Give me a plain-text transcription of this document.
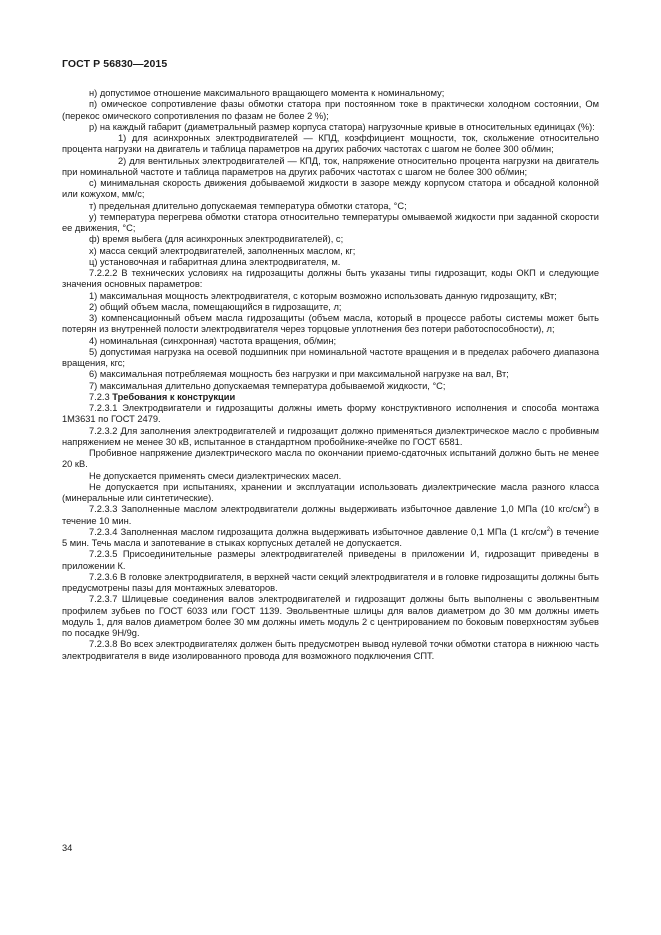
ГОСТ Р 56830—2015

н) допустимое отношение максимального вращающего момента к номинальному;

п) омическое сопротивление фазы обмотки статора при постоянном токе в практически холодном состоянии, Ом (перекос омического сопротивления по фазам не более 2 %);

р) на каждый габарит (диаметральный размер корпуса статора) нагрузочные кривые в относительных единицах (%):

1) для асинхронных электродвигателей — КПД, коэффициент мощности, ток, скольжение относительно процента нагрузки на двигатель и таблица параметров на других рабочих частотах с шагом не более 300 об/мин;

2) для вентильных электродвигателей — КПД, ток, напряжение относительно процента нагрузки на двигатель при номинальной частоте и таблица параметров на других рабочих частотах с шагом не более 300 об/мин;

с) минимальная скорость движения добываемой жидкости в зазоре между корпусом статора и обсадной колонной или кожухом, мм/с;

т) предельная длительно допускаемая температура обмотки статора, °С;

у) температура перегрева обмотки статора относительно температуры омываемой жидкости при заданной скорости ее движения, °С;

ф) время выбега (для асинхронных электродвигателей), с;

х) масса секций электродвигателей, заполненных маслом, кг;

ц) установочная и габаритная длина электродвигателя, м.

7.2.2.2 В технических условиях на гидрозащиты должны быть указаны типы гидрозащит, коды ОКП и следующие значения основных параметров:

1) максимальная мощность электродвигателя, с которым возможно использовать данную гидрозащиту, кВт;

2) общий объем масла, помещающийся в гидрозащите, л;

3) компенсационный объем масла гидрозащиты (объем масла, который в процессе работы системы может быть потерян из внутренней полости электродвигателя через торцовые уплотнения без потери работоспособности), л;

4) номинальная (синхронная) частота вращения, об/мин;

5) допустимая нагрузка на осевой подшипник при номинальной частоте вращения и в пределах рабочего диапазона вращения, кгс;

6) максимальная потребляемая мощность без нагрузки и при максимальной нагрузке на вал, Вт;

7) максимальная длительно допускаемая температура добываемой жидкости, °С;

7.2.3 Требования к конструкции

7.2.3.1 Электродвигатели и гидрозащиты должны иметь форму конструктивного исполнения и способа монтажа 1М3631 по ГОСТ 2479.

7.2.3.2 Для заполнения электродвигателей и гидрозащит должно применяться диэлектрическое масло с пробивным напряжением не менее 30 кВ, испытанное в стандартном пробойнике-ячейке по ГОСТ 6581.

Пробивное напряжение диэлектрического масла по окончании приемо-сдаточных испытаний должно быть не менее 20 кВ.

Не допускается применять смеси диэлектрических масел.

Не допускается при испытаниях, хранении и эксплуатации использовать диэлектрические масла разного класса (минеральные или синтетические).

7.2.3.3 Заполненные маслом электродвигатели должны выдерживать избыточное давление 1,0 МПа (10 кгс/$см^2$) в течение 10 мин.

7.2.3.4 Заполненная маслом гидрозащита должна выдерживать избыточное давление 0,1 МПа (1 кгс/$см^2$) в течение 5 мин. Течь масла и запотевание в стыках корпусных деталей не допускается.

7.2.3.5 Присоединительные размеры электродвигателей приведены в приложении И, гидрозащит приведены в приложении К.

7.2.3.6 В головке электродвигателя, в верхней части секций электродвигателя и в головке гидрозащиты должны быть предусмотрены пазы для монтажных элеваторов.

7.2.3.7 Шлицевые соединения валов электродвигателей и гидрозащит должны быть выполнены с эвольвентным профилем зубьев по ГОСТ 6033 или ГОСТ 1139. Эвольвентные шлицы для валов диаметром до 30 мм должны иметь модуль 1, для валов диаметром более 30 мм должны иметь модуль 2 с центрированием по боковым поверхностям зубьев по посадке 9Н/9g.

7.2.3.8 Во всех электродвигателях должен быть предусмотрен вывод нулевой точки обмотки статора в нижнюю часть электродвигателя в виде изолированного провода для возможного подключения СПТ.

34
